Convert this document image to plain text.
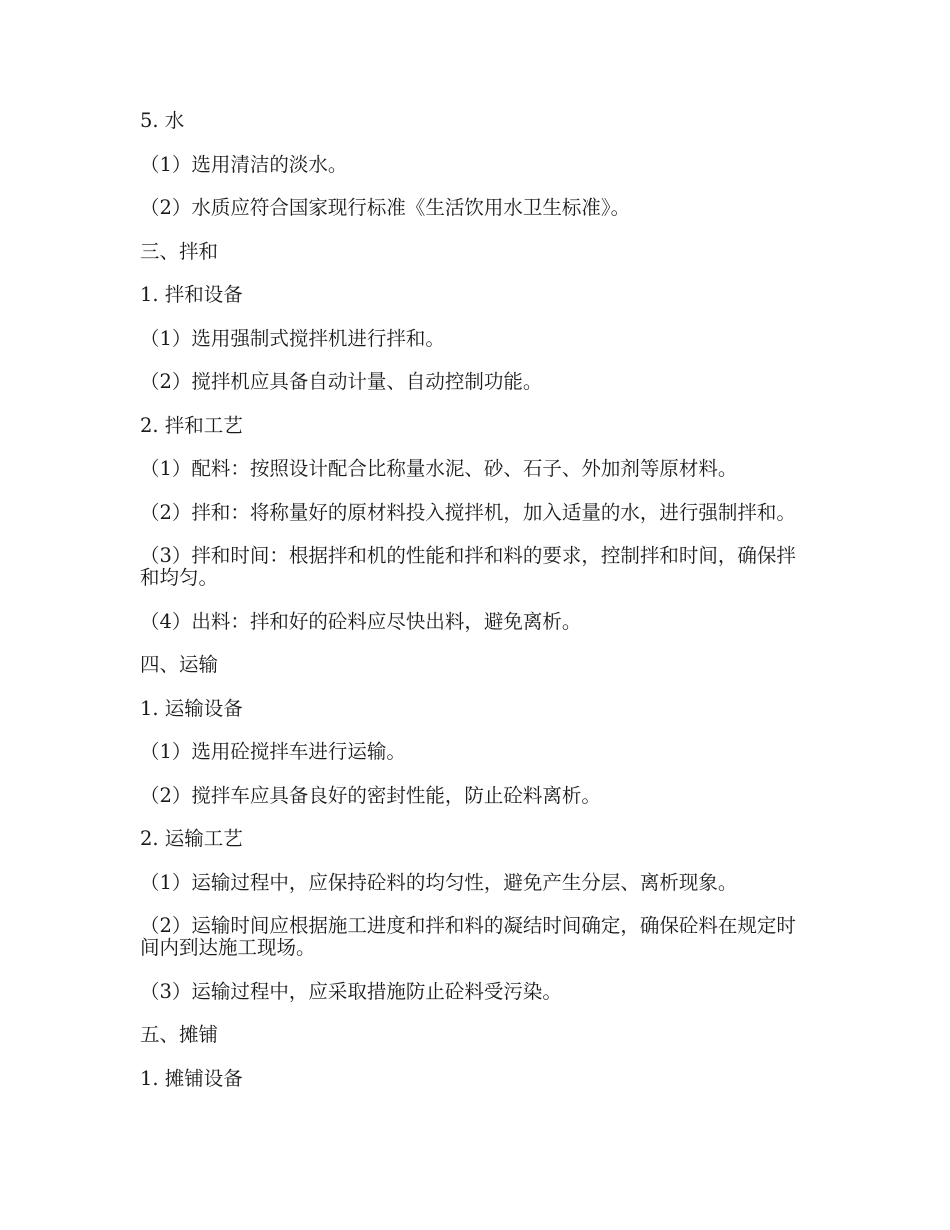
5. 水

（1）选用清洁的淡水。

（2）水质应符合国家现行标准《生活饮用水卫生标准》。

三、拌和

1. 拌和设备

（1）选用强制式搅拌机进行拌和。

（2）搅拌机应具备自动计量、自动控制功能。

2. 拌和工艺

（1）配料：按照设计配合比称量水泥、砂、石子、外加剂等原材料。

（2）拌和：将称量好的原材料投入搅拌机，加入适量的水，进行强制拌和。

（3）拌和时间：根据拌和机的性能和拌和料的要求，控制拌和时间，确保拌和均匀。

（4）出料：拌和好的砼料应尽快出料，避免离析。

四、运输

1. 运输设备

（1）选用砼搅拌车进行运输。

（2）搅拌车应具备良好的密封性能，防止砼料离析。

2. 运输工艺

（1）运输过程中，应保持砼料的均匀性，避免产生分层、离析现象。

（2）运输时间应根据施工进度和拌和料的凝结时间确定，确保砼料在规定时间内到达施工现场。

（3）运输过程中，应采取措施防止砼料受污染。

五、摊铺

1. 摊铺设备
